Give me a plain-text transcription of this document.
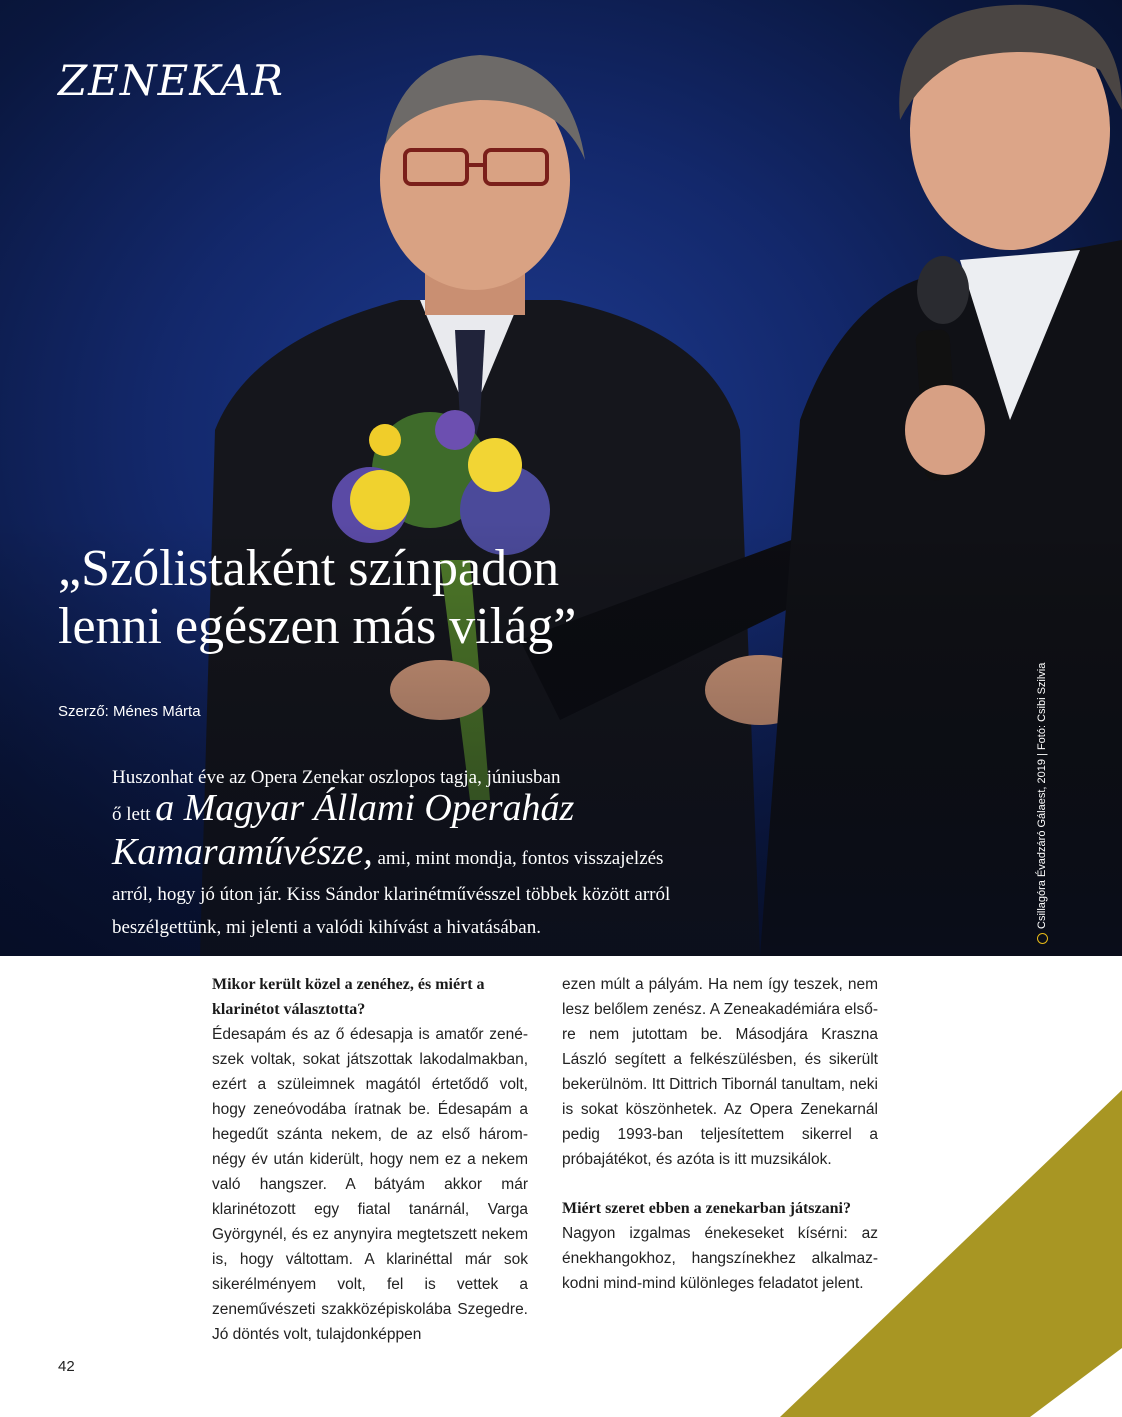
ZENEKAR
„Szólistaként színpadon
lenni egészen más világ”
Szerző: Ménes Márta
Huszonhat éve az Opera Zenekar oszlopos tagja, júniusban
ő lett a Magyar Állami Operaház
Kamaraművésze, ami, mint mondja, fontos visszajelzés
arról, hogy jó úton jár. Kiss Sándor klarinétművésszel többek között arról
beszélgettünk, mi jelenti a valódi kihívást a hivatásában.	Csillagóra Évadzáró Gálaest, 2019 | Fotó: Csibi Szilvia
Mikor került közel a zenéhez, és miért a klarinétot választotta?
Édesapám és az ő édesapja is amatőr zenészek voltak, sokat játszottak lakodalmakban, ezért a szüleimnek magától értetődő volt, hogy zeneóvodába íratnak be. Édesapám a hegedűt szánta nekem, de az első három-négy év után kiderült, hogy nem ez a nekem való hangszer. A bátyám akkor már klarinétozott egy fiatal tanárnál, Varga Györgynél, és ez anynyira megtetszett nekem is, hogy váltottam. A klarinéttal már sok sikerélményem volt, fel is vettek a zeneművészeti szakközépiskolába Szegedre. Jó döntés volt, tulajdonképpen
ezen múlt a pályám. Ha nem így teszek, nem lesz belőlem zenész. A Zeneakadémiára elsőre nem jutottam be. Másodjára Kraszna László segített a felkészülésben, és sikerült bekerülnöm. Itt Dittrich Tibornál tanultam, neki is sokat köszönhetek. Az Opera Zenekarnál pedig 1993-ban teljesítettem sikerrel a próbajátékot, és azóta is itt muzsikálok.
Miért szeret ebben a zenekarban játszani?
Nagyon izgalmas énekeseket kísérni: az énekhangokhoz, hangszínekhez alkalmazkodni mind-mind különleges feladatot jelent.
42
